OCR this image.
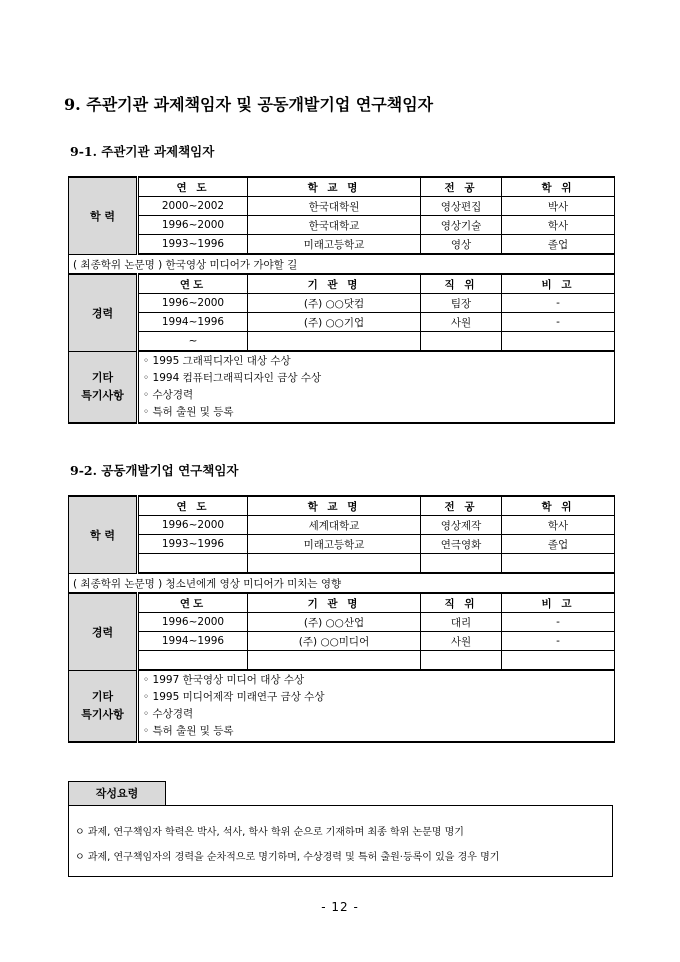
9. 주관기관 과제책임자 및 공동개발기업 연구책임자
9-1. 주관기관 과제책임자
학 력	연 도	학 교 명	전 공	학 위
	2000~2002	한국대학원	영상편집	박사
	1996~2000	한국대학교	영상기술	학사
	1993~1996	미래고등학교	영상	졸업
( 최종학위 논문명 ) 한국영상 미디어가 가야할 길				
경력	연도	기 관 명	직 위	비 고
	1996~2000	(주) ○○닷컴	팀장	-
	1994~1996	(주) ○○기업	사원	-
	~			

기타
특기사항	◦ 1995 그래픽디자인 대상 수상
◦ 1994 컴퓨터그래픽디자인 금상 수상
◦ 수상경력
◦ 특허 출원 및 등록			
9-2. 공동개발기업 연구책임자
학 력	연 도	학 교 명	전 공	학 위
	1996~2000	세계대학교	영상제작	학사
	1993~1996	미래고등학교	연극영화	졸업

( 최종학위 논문명 ) 청소년에게 영상 미디어가 미치는 영향				
경력	연도	기 관 명	직 위	비 고
	1996~2000	(주) ○○산업	대리	-
	1994~1996	(주) ○○미디어	사원	-

기타
특기사항	◦ 1997 한국영상 미디어 대상 수상
◦ 1995 미디어제작 미래연구 금상 수상
◦ 수상경력
◦ 특허 출원 및 등록			
작성요령
ㅇ 과제, 연구책임자 학력은 박사, 석사, 학사 학위 순으로 기재하며 최종 학위 논문명 명기
ㅇ 과제, 연구책임자의 경력을 순차적으로 명기하며, 수상경력 및 특허 출원·등록이 있을 경우 명기
- 12 -
